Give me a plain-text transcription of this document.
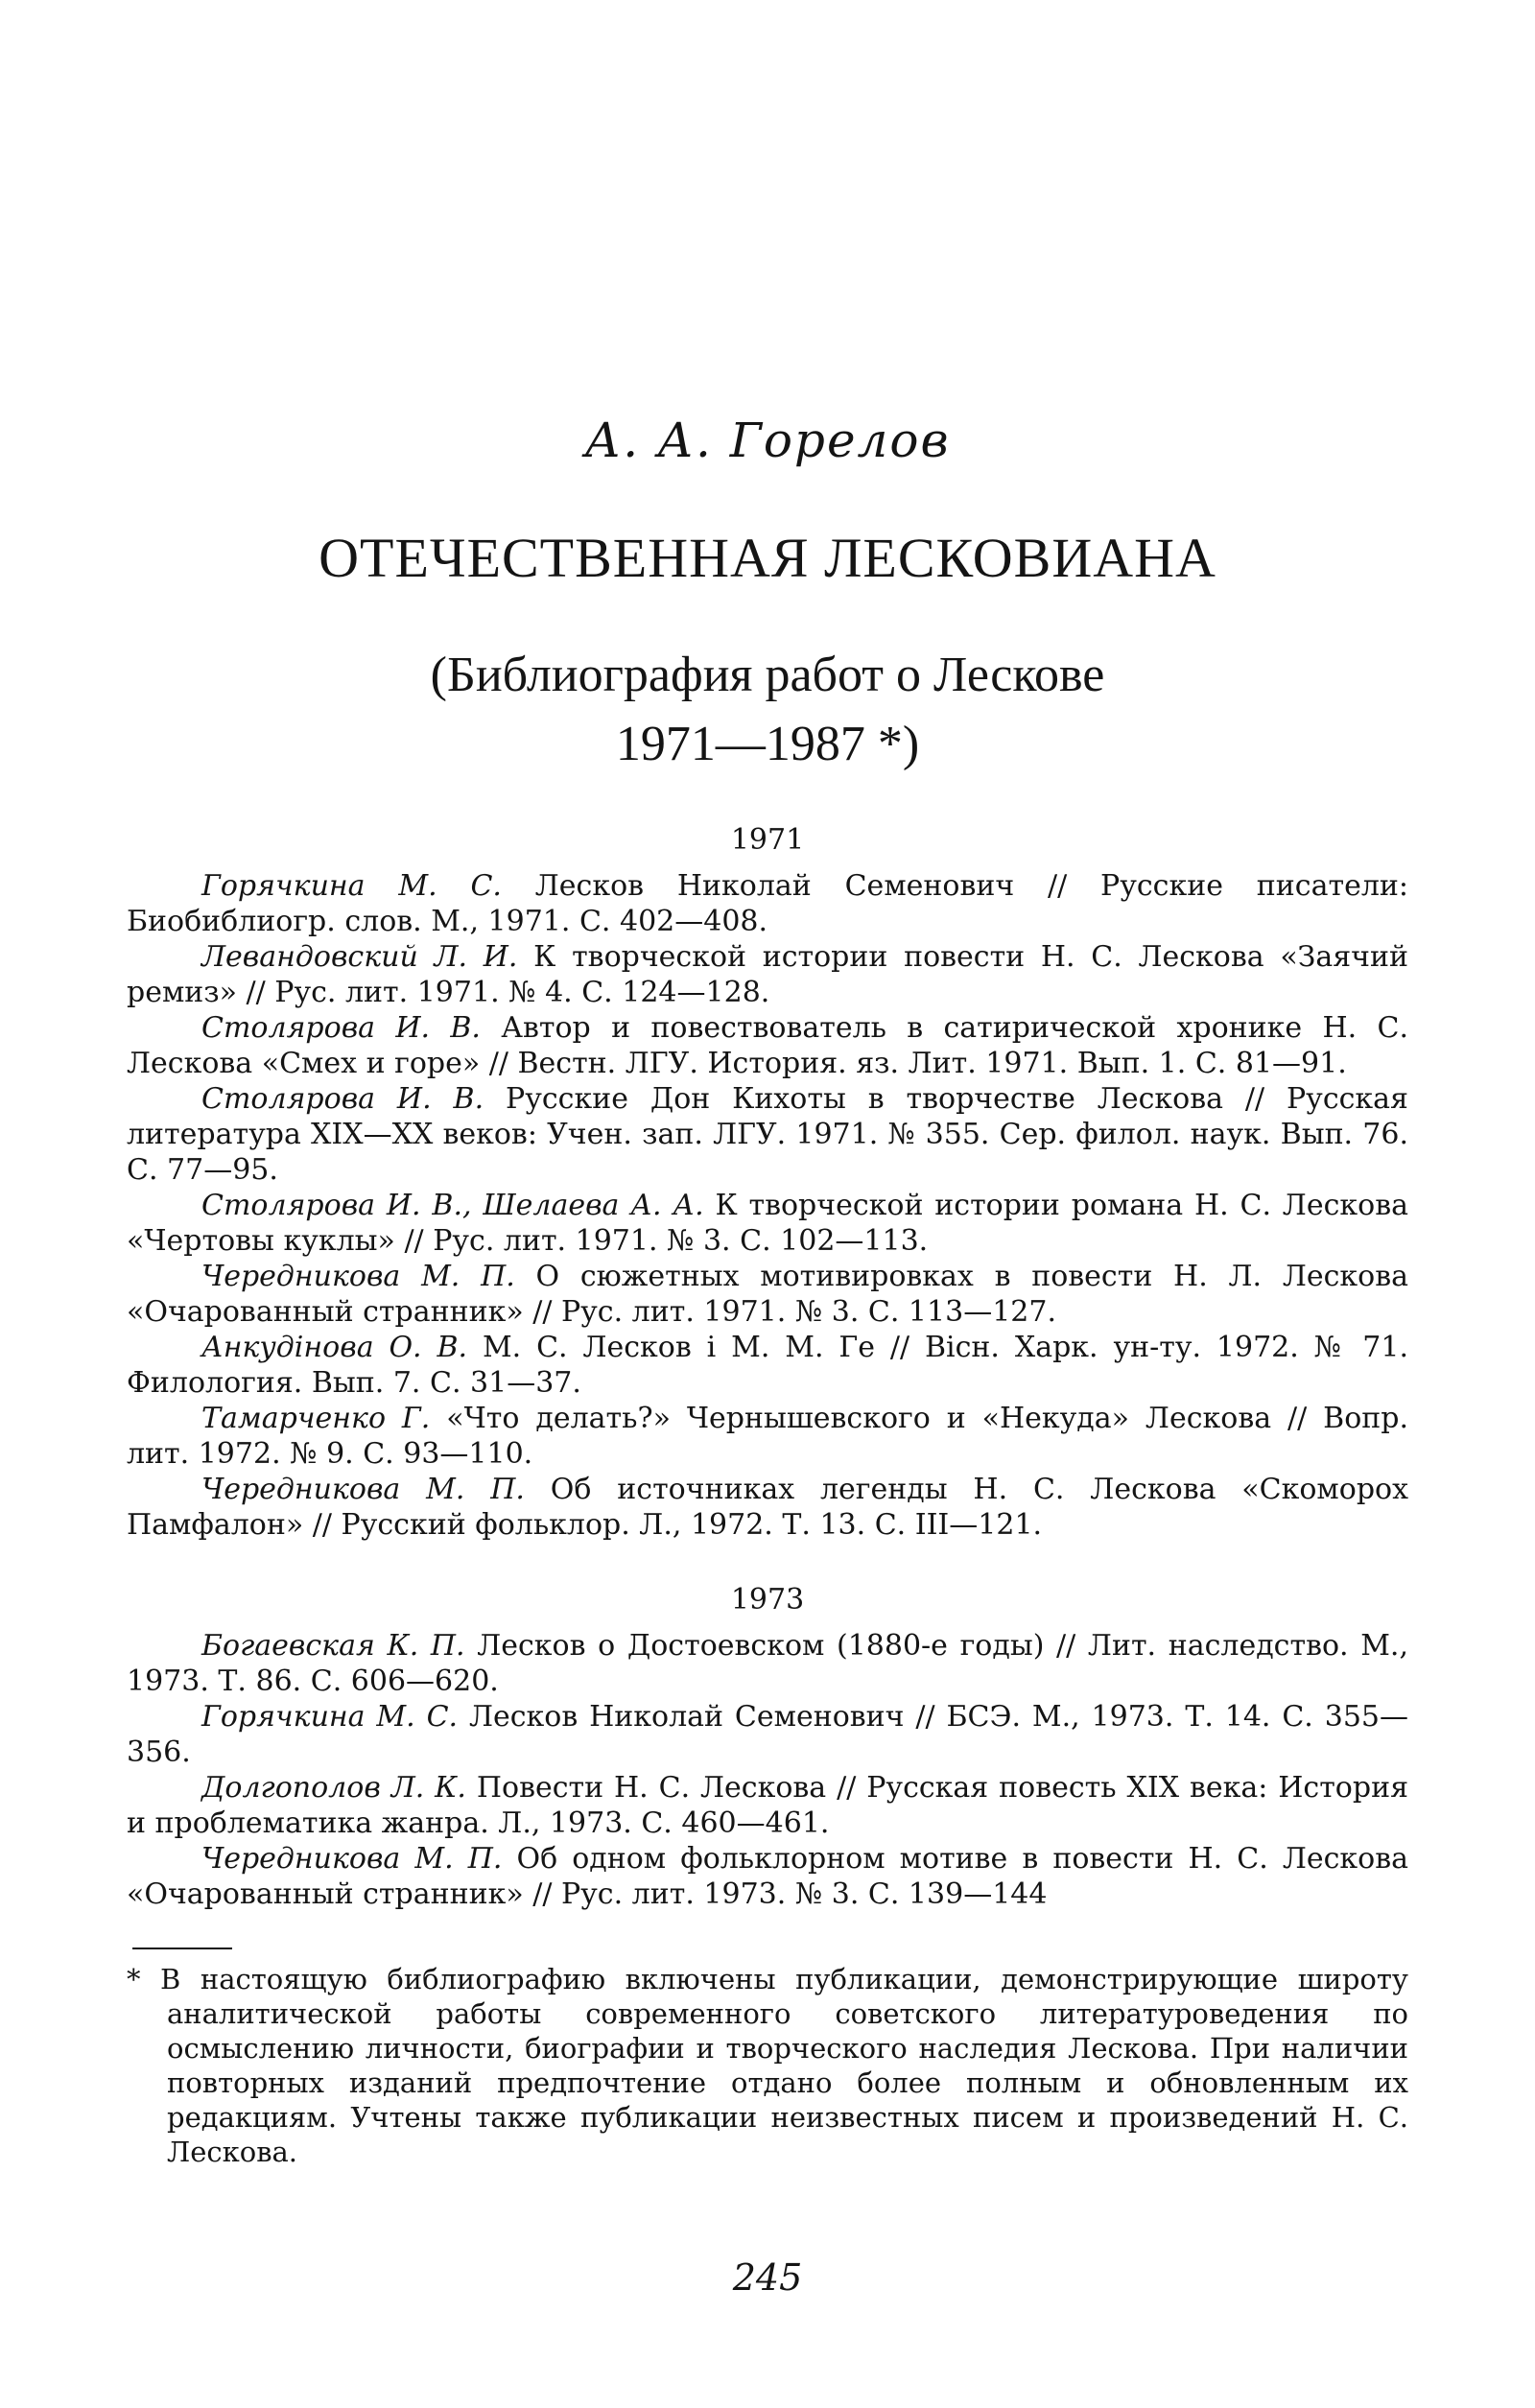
А. А. Горелов
ОТЕЧЕСТВЕННАЯ ЛЕСКОВИАНА
(Библиография работ о Лескове
1971—1987 *)
1971

Горячкина М. С. Лесков Николай Семенович // Русские писатели: Биобиблиогр. слов. М., 1971. С. 402—408.

Левандовский Л. И. К творческой истории повести Н. С. Лескова «Заячий ремиз» // Рус. лит. 1971. № 4. С. 124—128.

Столярова И. В. Автор и повествователь в сатирической хронике Н. С. Лескова «Смех и горе» // Вестн. ЛГУ. История. яз. Лит. 1971. Вып. 1. С. 81—91.

Столярова И. В. Русские Дон Кихоты в творчестве Лескова // Русская литература XIX—XX веков: Учен. зап. ЛГУ. 1971. № 355. Сер. филол. наук. Вып. 76. С. 77—95.

Столярова И. В., Шелаева А. А. К творческой истории романа Н. С. Лескова «Чертовы куклы» // Рус. лит. 1971. № 3. С. 102—113.

Чередникова М. П. О сюжетных мотивировках в повести Н. Л. Лескова «Очарованный странник» // Рус. лит. 1971. № 3. С. 113—127.

Анкудінова О. В. М. С. Лесков і М. М. Ге // Вісн. Харк. ун-ту. 1972. № 71. Филология. Вып. 7. С. 31—37.

Тамарченко Г. «Что делать?» Чернышевского и «Некуда» Лескова // Вопр. лит. 1972. № 9. С. 93—110.

Чередникова М. П. Об источниках легенды Н. С. Лескова «Скоморох Памфалон» // Русский фольклор. Л., 1972. Т. 13. С. III—121.

1973

Богаевская К. П. Лесков о Достоевском (1880-е годы) // Лит. наследство. М., 1973. Т. 86. С. 606—620.

Горячкина М. С. Лесков Николай Семенович // БСЭ. М., 1973. Т. 14. С. 355—356.

Долгополов Л. К. Повести Н. С. Лескова // Русская повесть XIX века: История и проблематика жанра. Л., 1973. С. 460—461.

Чередникова М. П. Об одном фольклорном мотиве в повести Н. С. Лескова «Очарованный странник» // Рус. лит. 1973. № 3. С. 139—144

* В настоящую библиографию включены публикации, демонстрирующие широту аналитической работы современного советского литературоведения по осмыслению личности, биографии и творческого наследия Лескова. При наличии повторных изданий предпочтение отдано более полным и обновленным их редакциям. Учтены также публикации неизвестных писем и произведений Н. С. Лескова.
245
